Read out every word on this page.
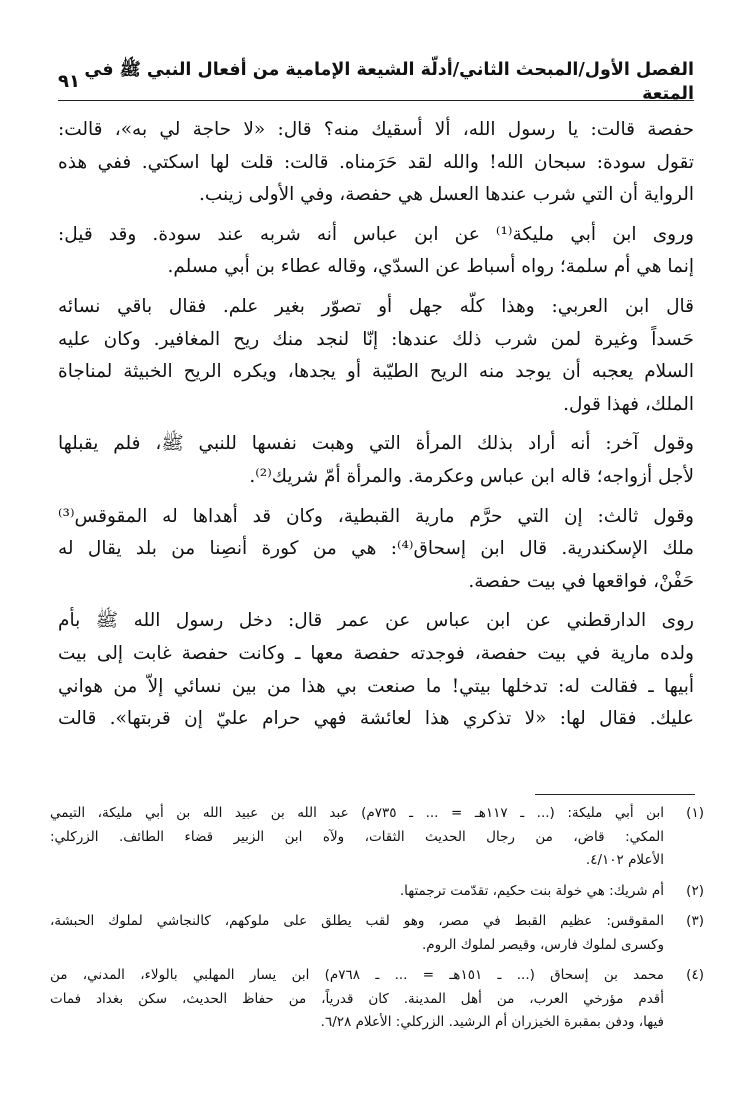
الفصل الأول/المبحث الثاني/أدلّة الشيعة الإمامية من أفعال النبي ﷺ في المتعة
٩١
حفصة قالت: يا رسول الله، ألا أسقيك منه؟ قال: «لا حاجة لي به»، قالت:
تقول سودة: سبحان الله! والله لقد حَرَمناه. قالت: قلت لها اسكتي. ففي هذه
الرواية أن التي شرب عندها العسل هي حفصة، وفي الأولى زينب.
وروى ابن أبي مليكة⁽¹⁾ عن ابن عباس أنه شربه عند سودة. وقد قيل:
إنما هي أم سلمة؛ رواه أسباط عن السدّي، وقاله عطاء بن أبي مسلم.
قال ابن العربي: وهذا كلّه جهل أو تصوّر بغير علم. فقال باقي نسائه
حَسداً وغيرة لمن شرب ذلك عندها: إنّا لنجد منك ريح المغافير. وكان عليه
السلام يعجبه أن يوجد منه الريح الطيّبة أو يجدها، ويكره الريح الخبيثة لمناجاة
الملك، فهذا قول.
وقول آخر: أنه أراد بذلك المرأة التي وهبت نفسها للنبي ﷺ، فلم يقبلها
لأجل أزواجه؛ قاله ابن عباس وعكرمة. والمرأة أمّ شريك⁽²⁾.
وقول ثالث: إن التي حرَّم مارية القبطية، وكان قد أهداها له المقوقس⁽³⁾
ملك الإسكندرية. قال ابن إسحاق⁽⁴⁾: هي من كورة أنصِنا من بلد يقال له
حَفْنْ، فواقعها في بيت حفصة.
روى الدارقطني عن ابن عباس عن عمر قال: دخل رسول الله ﷺ بأم
ولده مارية في بيت حفصة، فوجدته حفصة معها ـ وكانت حفصة غابت إلى بيت
أبيها ـ فقالت له: تدخلها بيتي! ما صنعت بي هذا من بين نسائي إلاّ من هواني
عليك. فقال لها: «لا تذكري هذا لعائشة فهي حرام عليّ إن قربتها». قالت
(١)
ابن أبي مليكة: (... ـ ١١٧هـ = ... ـ ٧٣٥م) عبد الله بن عبيد الله بن أبي مليكة، التيمي
المكي: قاض، من رجال الحديث الثقات، ولآه ابن الزبير قضاء الطائف. الزركلي:
الأعلام ٤/١٠٢.
(٢)
أم شريك: هي خولة بنت حكيم، تقدّمت ترجمتها.
(٣)
المقوقس: عظيم القبط في مصر، وهو لقب يطلق على ملوكهم، كالنجاشي لملوك الحبشة،
وكسرى لملوك فارس، وقيصر لملوك الروم.
(٤)
محمد بن إسحاق (... ـ ١٥١هـ = ... ـ ٧٦٨م) ابن يسار المهلبي بالولاء، المدني، من
أقدم مؤرخي العرب، من أهل المدينة. كان قدرياً، من حفاظ الحديث، سكن بغداد فمات
فيها، ودفن بمقبرة الخيزران أم الرشيد. الزركلي: الأعلام ٦/٢٨.
